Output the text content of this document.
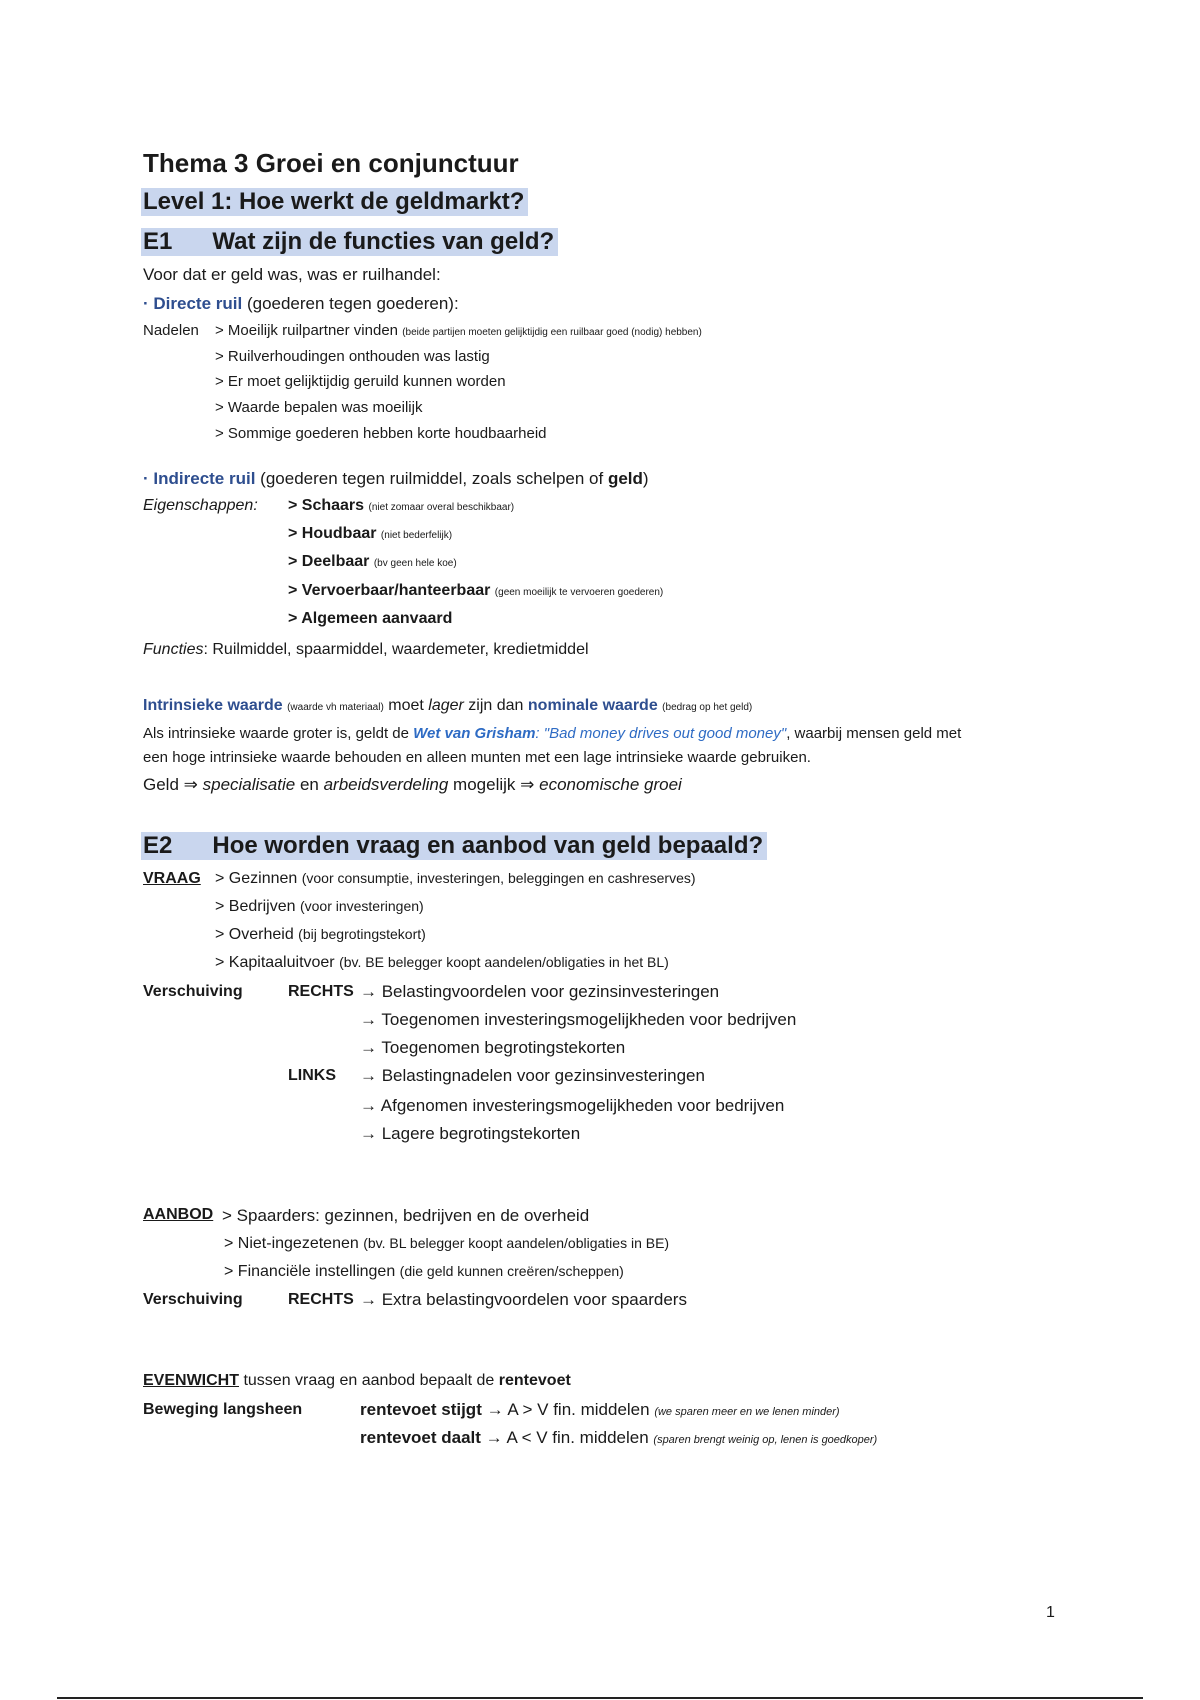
Thema 3 Groei en conjunctuur
Level 1: Hoe werkt de geldmarkt?
E1 Wat zijn de functies van geld?
Voor dat er geld was, was er ruilhandel:
· Directe ruil (goederen tegen goederen):
Nadelen > Moeilijk ruilpartner vinden (beide partijen moeten gelijktijdig een ruilbaar goed (nodig) hebben)
> Ruilverhoudingen onthouden was lastig
> Er moet gelijktijdig geruild kunnen worden
> Waarde bepalen was moeilijk
> Sommige goederen hebben korte houdbaarheid
· Indirecte ruil (goederen tegen ruilmiddel, zoals schelpen of geld)
Eigenschappen: > Schaars (niet zomaar overal beschikbaar)
> Houdbaar (niet bederfelijk)
> Deelbaar (bv geen hele koe)
> Vervoerbaar/hanteerbaar (geen moeilijk te vervoeren goederen)
> Algemeen aanvaard
Functies: Ruilmiddel, spaarmiddel, waardemeter, kredietmiddel
Intrinsieke waarde (waarde vh materiaal) moet lager zijn dan nominale waarde (bedrag op het geld)
Als intrinsieke waarde groter is, geldt de Wet van Grisham: "Bad money drives out good money", waarbij mensen geld met
een hoge intrinsieke waarde behouden en alleen munten met een lage intrinsieke waarde gebruiken.
Geld ⇒ specialisatie en arbeidsverdeling mogelijk ⇒ economische groei
E2 Hoe worden vraag en aanbod van geld bepaald?
VRAAG > Gezinnen (voor consumptie, investeringen, beleggingen en cashreserves)
> Bedrijven (voor investeringen)
> Overheid (bij begrotingstekort)
> Kapitaaluitvoer (bv. BE belegger koopt aandelen/obligaties in het BL)
Verschuiving	RECHTS → Belastingvoordelen voor gezinsinvesteringen
→ Toegenomen investeringsmogelijkheden voor bedrijven
→ Toegenomen begrotingstekorten
LINKS → Belastingnadelen voor gezinsinvesteringen
→ Afgenomen investeringsmogelijkheden voor bedrijven
→ Lagere begrotingstekorten
AANBOD > Spaarders: gezinnen, bedrijven en de overheid
> Niet-ingezetenen (bv. BL belegger koopt aandelen/obligaties in BE)
> Financiële instellingen (die geld kunnen creëren/scheppen)
Verschuiving	RECHTS → Extra belastingvoordelen voor spaarders
EVENWICHT tussen vraag en aanbod bepaalt de rentevoet
Beweging langsheen	rentevoet stijgt → A > V fin. middelen (we sparen meer en we lenen minder)
rentevoet daalt → A < V fin. middelen (sparen brengt weinig op, lenen is goedkoper)
1
